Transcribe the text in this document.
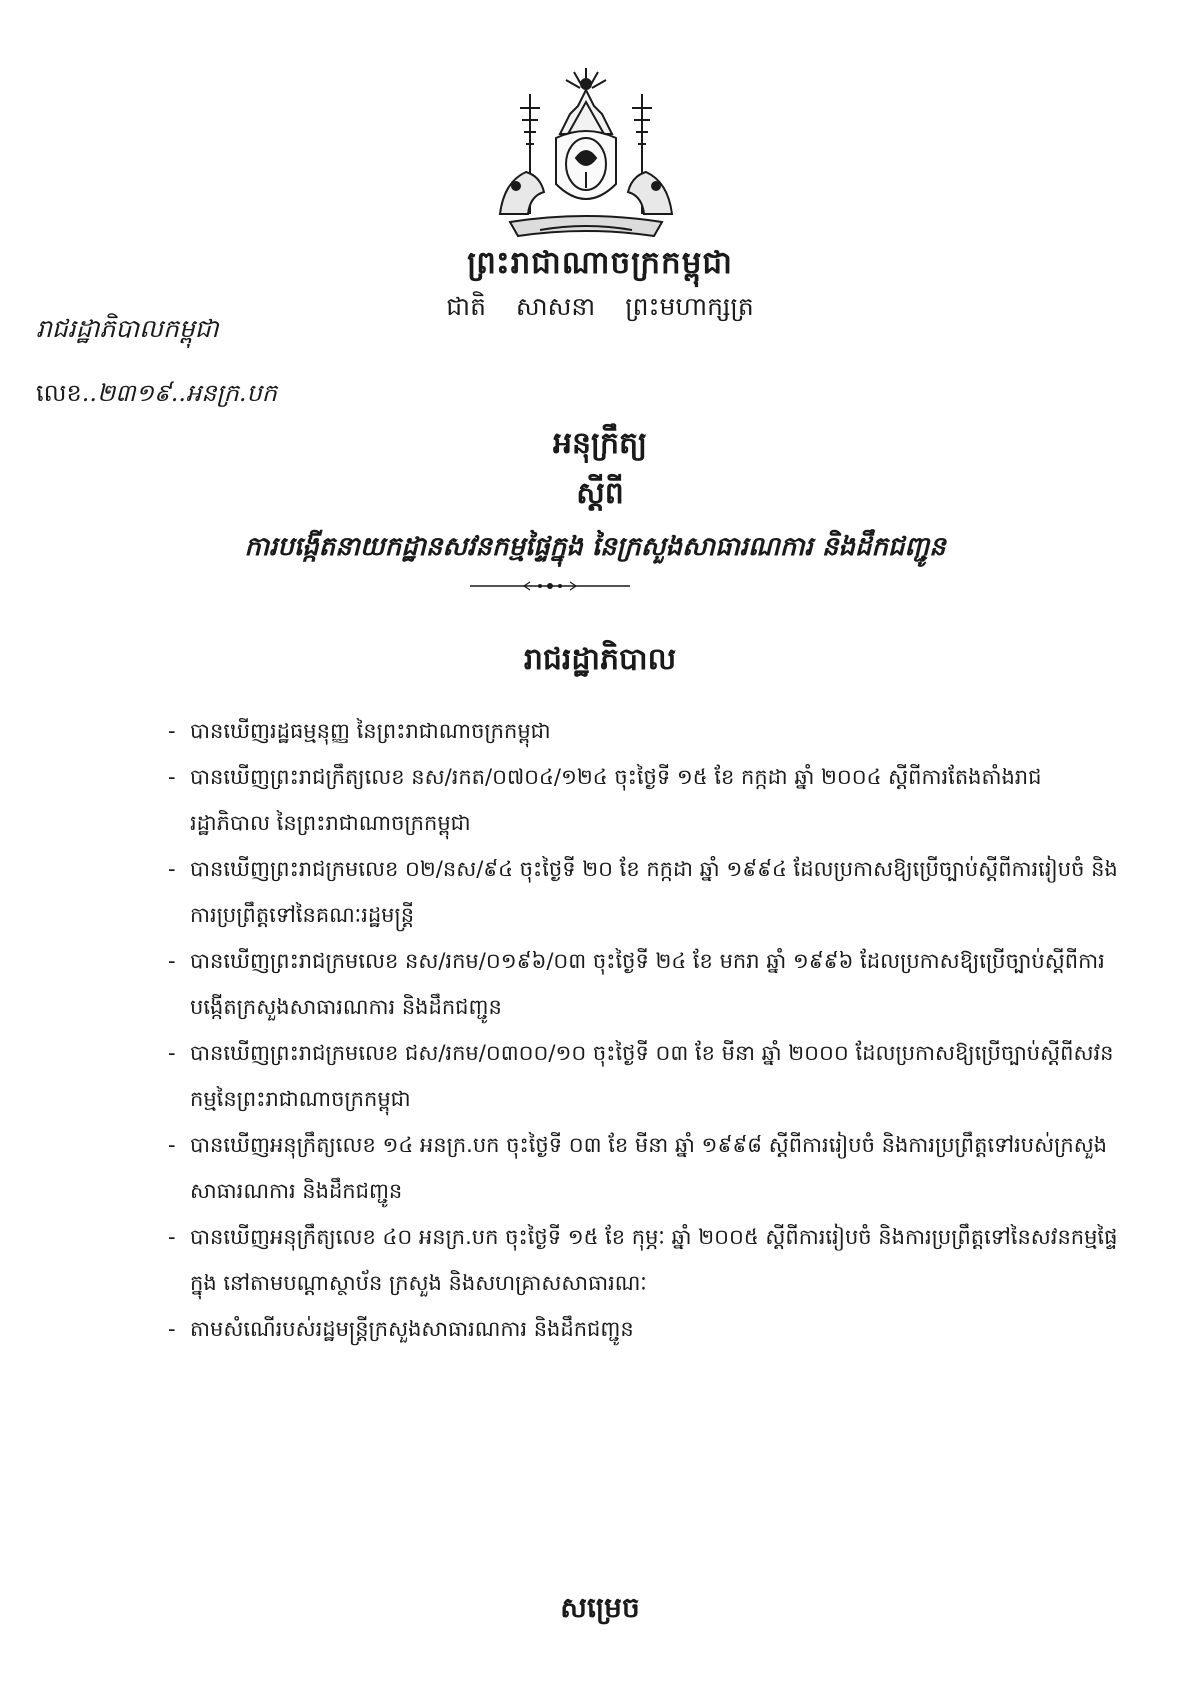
ព្រះរាជាណាចក្រកម្ពុជា
ជាតិ សាសនា ព្រះមហាក្សត្រ
រាជរដ្ឋាភិបាលកម្ពុជា
លេខ..២៣១៩..អនក្រ.បក
អនុក្រឹត្យ
ស្តីពី
ការបង្កើតនាយកដ្ឋានសវនកម្មផ្ទៃក្នុង នៃក្រសួងសាធារណការ និងដឹកជញ្ជូន
រាជរដ្ឋាភិបាល
- បានឃើញរដ្ឋធម្មនុញ្ញ នៃព្រះរាជាណាចក្រកម្ពុជា
- បានឃើញព្រះរាជក្រឹត្យលេខ នស/រកត/០៧០៤/១២៤ ចុះថ្ងៃទី ១៥ ខែ កក្កដា ឆ្នាំ ២០០៤ ស្តីពីការតែងតាំងរាជរដ្ឋាភិបាល នៃព្រះរាជាណាចក្រកម្ពុជា
- បានឃើញព្រះរាជក្រមលេខ ០២/នស/៩៤ ចុះថ្ងៃទី ២០ ខែ កក្កដា ឆ្នាំ ១៩៩៤ ដែលប្រកាសឱ្យប្រើច្បាប់ស្តីពីការរៀបចំ និងការប្រព្រឹត្តទៅនៃគណៈរដ្ឋមន្ត្រី
- បានឃើញព្រះរាជក្រមលេខ នស/រកម/០១៩៦/០៣ ចុះថ្ងៃទី ២៤ ខែ មករា ឆ្នាំ ១៩៩៦ ដែលប្រកាសឱ្យប្រើច្បាប់ស្តីពីការបង្កើតក្រសួងសាធារណការ និងដឹកជញ្ជូន
- បានឃើញព្រះរាជក្រមលេខ ជស/រកម/០៣០០/១០ ចុះថ្ងៃទី ០៣ ខែ មីនា ឆ្នាំ ២០០០ ដែលប្រកាសឱ្យប្រើច្បាប់ស្តីពីសវនកម្មនៃព្រះរាជាណាចក្រកម្ពុជា
- បានឃើញអនុក្រឹត្យលេខ ១៤ អនក្រ.បក ចុះថ្ងៃទី ០៣ ខែ មីនា ឆ្នាំ ១៩៩៨ ស្តីពីការរៀបចំ និងការប្រព្រឹត្តទៅរបស់ក្រសួងសាធារណការ និងដឹកជញ្ជូន
- បានឃើញអនុក្រឹត្យលេខ ៤០ អនក្រ.បក ចុះថ្ងៃទី ១៥ ខែ កុម្ភៈ ឆ្នាំ ២០០៥ ស្តីពីការរៀបចំ និងការប្រព្រឹត្តទៅនៃសវនកម្មផ្ទៃក្នុង នៅតាមបណ្តាស្ថាប័ន ក្រសួង និងសហគ្រាសសាធារណៈ
- តាមសំណើរបស់រដ្ឋមន្ត្រីក្រសួងសាធារណការ និងដឹកជញ្ជូន
សម្រេច
